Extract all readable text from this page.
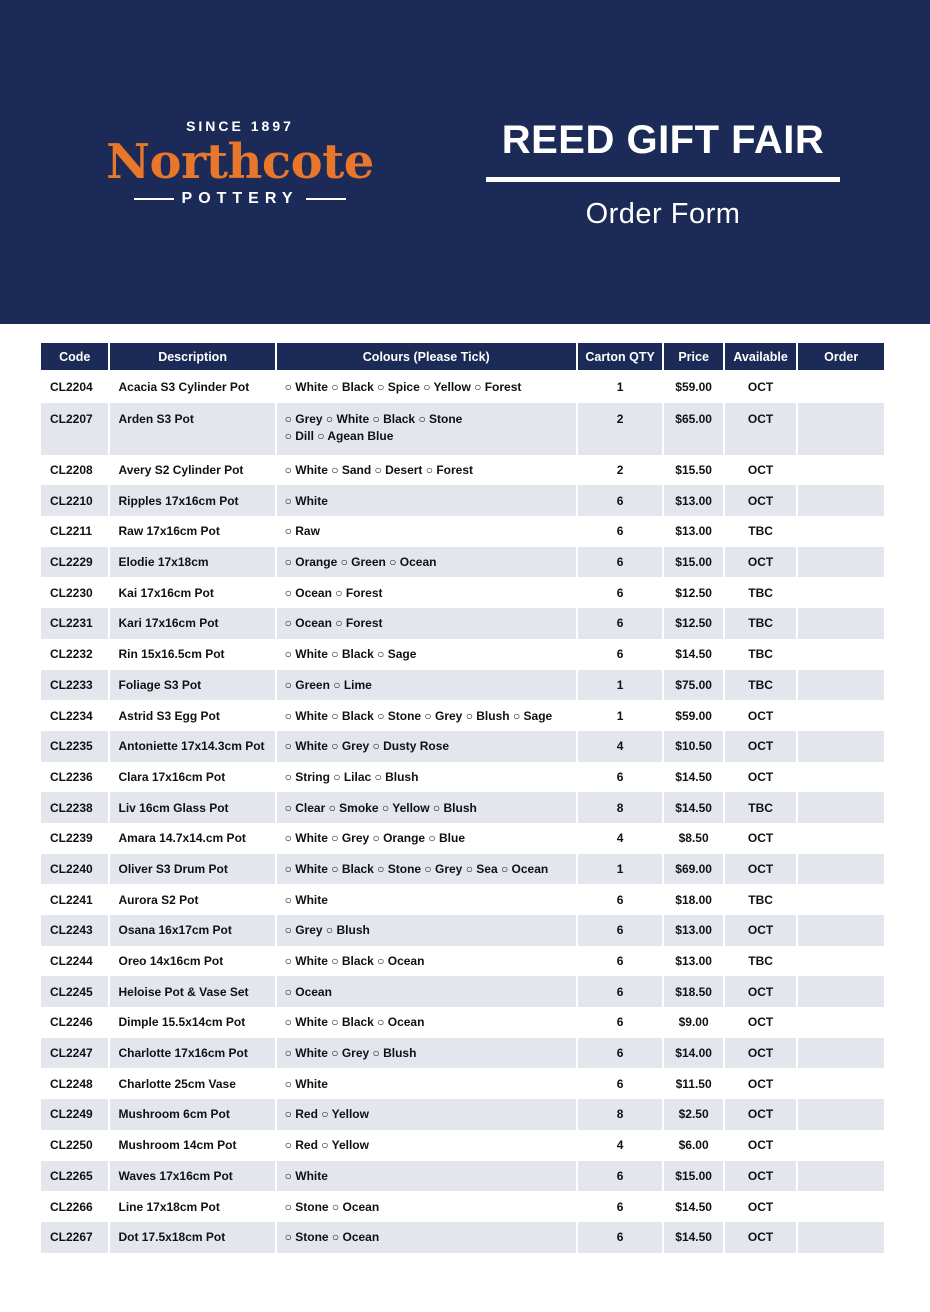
SINCE 1897
Northcote
POTTERY
REED GIFT FAIR
Order Form
Code	Description	Colours (Please Tick)	Carton QTY	Price	Available	Order
CL2204	Acacia S3 Cylinder Pot	○ White ○ Black ○ Spice ○ Yellow ○ Forest	1	$59.00	OCT	
CL2207	Arden S3 Pot	○ Grey ○ White ○ Black ○ Stone
○ Dill ○ Agean Blue	2	$65.00	OCT	
CL2208	Avery S2 Cylinder Pot	○ White ○ Sand ○ Desert ○ Forest	2	$15.50	OCT	
CL2210	Ripples 17x16cm Pot	○ White	6	$13.00	OCT	
CL2211	Raw 17x16cm Pot	○ Raw	6	$13.00	TBC	
CL2229	Elodie 17x18cm	○ Orange ○ Green ○ Ocean	6	$15.00	OCT	
CL2230	Kai 17x16cm Pot	○ Ocean ○ Forest	6	$12.50	TBC	
CL2231	Kari 17x16cm Pot	○ Ocean ○ Forest	6	$12.50	TBC	
CL2232	Rin 15x16.5cm Pot	○ White ○ Black ○ Sage	6	$14.50	TBC	
CL2233	Foliage S3 Pot	○ Green ○ Lime	1	$75.00	TBC	
CL2234	Astrid S3 Egg Pot	○ White ○ Black ○ Stone ○ Grey ○ Blush ○ Sage	1	$59.00	OCT	
CL2235	Antoniette 17x14.3cm Pot	○ White ○ Grey ○ Dusty Rose	4	$10.50	OCT	
CL2236	Clara 17x16cm Pot	○ String ○ Lilac ○ Blush	6	$14.50	OCT	
CL2238	Liv 16cm Glass Pot	○ Clear ○ Smoke ○ Yellow ○ Blush	8	$14.50	TBC	
CL2239	Amara 14.7x14.cm Pot	○ White ○ Grey ○ Orange ○ Blue	4	$8.50	OCT	
CL2240	Oliver S3 Drum Pot	○ White ○ Black ○ Stone ○ Grey ○ Sea ○ Ocean	1	$69.00	OCT	
CL2241	Aurora S2 Pot	○ White	6	$18.00	TBC	
CL2243	Osana 16x17cm Pot	○ Grey ○ Blush	6	$13.00	OCT	
CL2244	Oreo 14x16cm Pot	○ White ○ Black ○ Ocean	6	$13.00	TBC	
CL2245	Heloise Pot & Vase Set	○ Ocean	6	$18.50	OCT	
CL2246	Dimple 15.5x14cm Pot	○ White ○ Black ○ Ocean	6	$9.00	OCT	
CL2247	Charlotte 17x16cm Pot	○ White ○ Grey ○ Blush	6	$14.00	OCT	
CL2248	Charlotte 25cm Vase	○ White	6	$11.50	OCT	
CL2249	Mushroom 6cm Pot	○ Red ○ Yellow	8	$2.50	OCT	
CL2250	Mushroom 14cm Pot	○ Red ○ Yellow	4	$6.00	OCT	
CL2265	Waves 17x16cm Pot	○ White	6	$15.00	OCT	
CL2266	Line 17x18cm Pot	○ Stone ○ Ocean	6	$14.50	OCT	
CL2267	Dot 17.5x18cm Pot	○ Stone ○ Ocean	6	$14.50	OCT	
